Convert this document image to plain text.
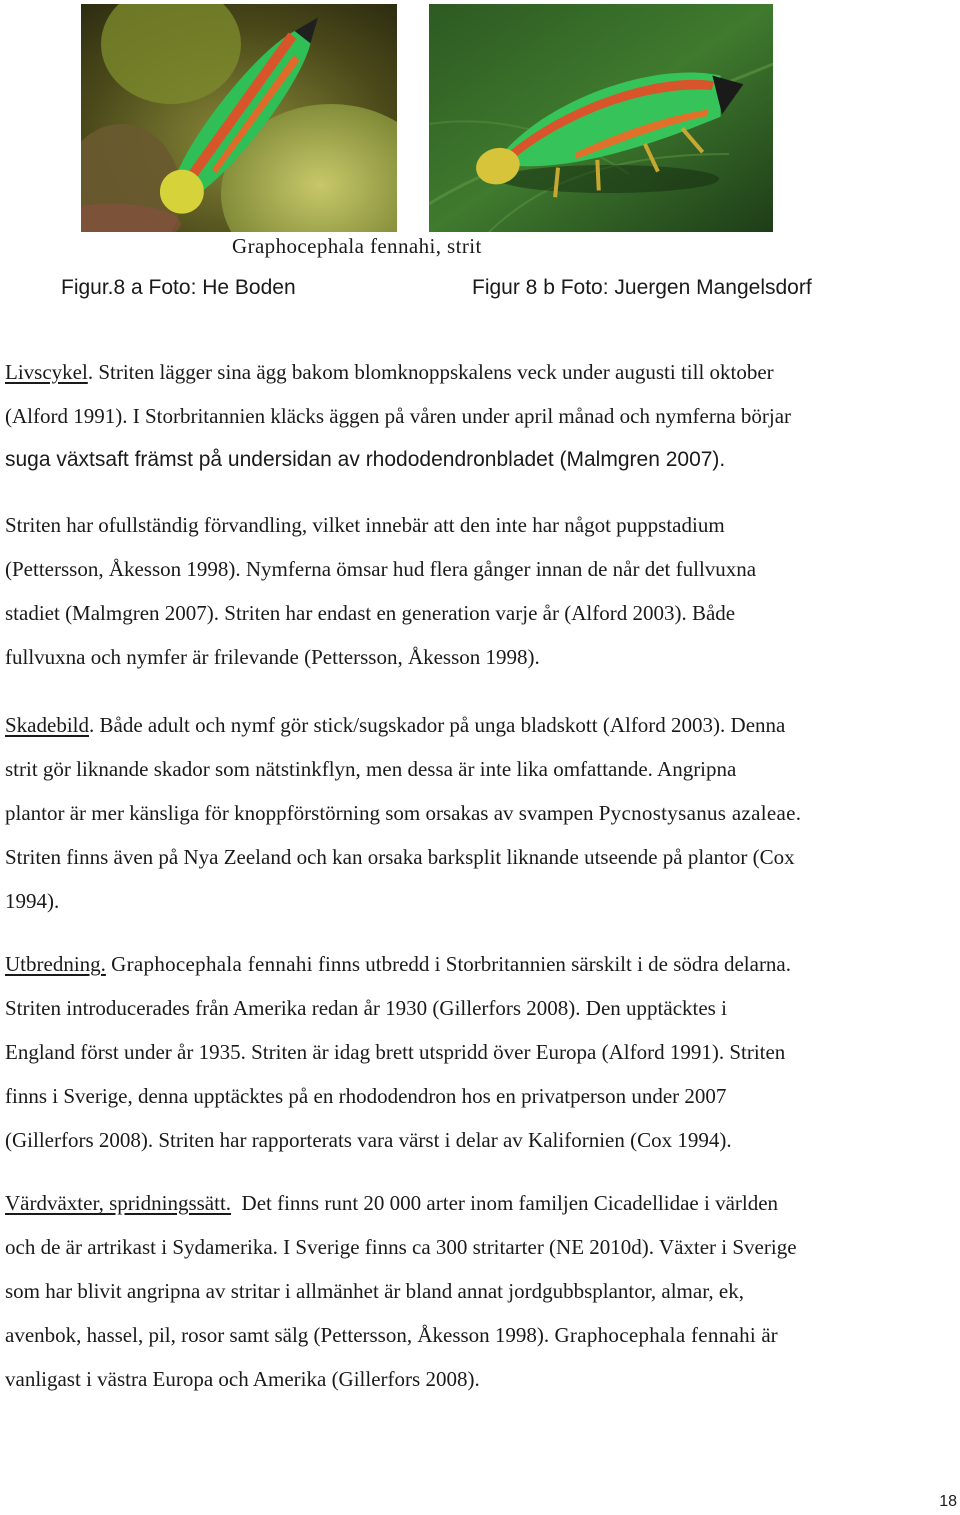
Graphocephala fennahi, strit
Figur.8 a Foto: He Boden	Figur 8 b Foto: Juergen Mangelsdorf

Livscykel. Striten lägger sina ägg bakom blomknoppskalens veck under augusti till oktober
(Alford 1991). I Storbritannien kläcks äggen på våren under april månad och nymferna börjar
suga växtsaft främst på undersidan av rhododendronbladet (Malmgren 2007).

Striten har ofullständig förvandling, vilket innebär att den inte har något puppstadium
(Pettersson, Åkesson 1998). Nymferna ömsar hud flera gånger innan de når det fullvuxna
stadiet (Malmgren 2007). Striten har endast en generation varje år (Alford 2003). Både
fullvuxna och nymfer är frilevande (Pettersson, Åkesson 1998).

Skadebild. Både adult och nymf gör stick/sugskador på unga bladskott (Alford 2003). Denna
strit gör liknande skador som nätstinkflyn, men dessa är inte lika omfattande. Angripna
plantor är mer känsliga för knoppförstörning som orsakas av svampen Pycnostysanus azaleae.
Striten finns även på Nya Zeeland och kan orsaka barksplit liknande utseende på plantor (Cox
1994).

Utbredning. Graphocephala fennahi finns utbredd i Storbritannien särskilt i de södra delarna.
Striten introducerades från Amerika redan år 1930 (Gillerfors 2008). Den upptäcktes i
England först under år 1935. Striten är idag brett utspridd över Europa (Alford 1991). Striten
finns i Sverige, denna upptäcktes på en rhododendron hos en privatperson under 2007
(Gillerfors 2008). Striten har rapporterats vara värst i delar av Kalifornien (Cox 1994).

Värdväxter, spridningssätt.  Det finns runt 20 000 arter inom familjen Cicadellidae i världen
och de är artrikast i Sydamerika. I Sverige finns ca 300 stritarter (NE 2010d). Växter i Sverige
som har blivit angripna av stritar i allmänhet är bland annat jordgubbsplantor, almar, ek,
avenbok, hassel, pil, rosor samt sälg (Pettersson, Åkesson 1998). Graphocephala fennahi är
vanligast i västra Europa och Amerika (Gillerfors 2008).

18
